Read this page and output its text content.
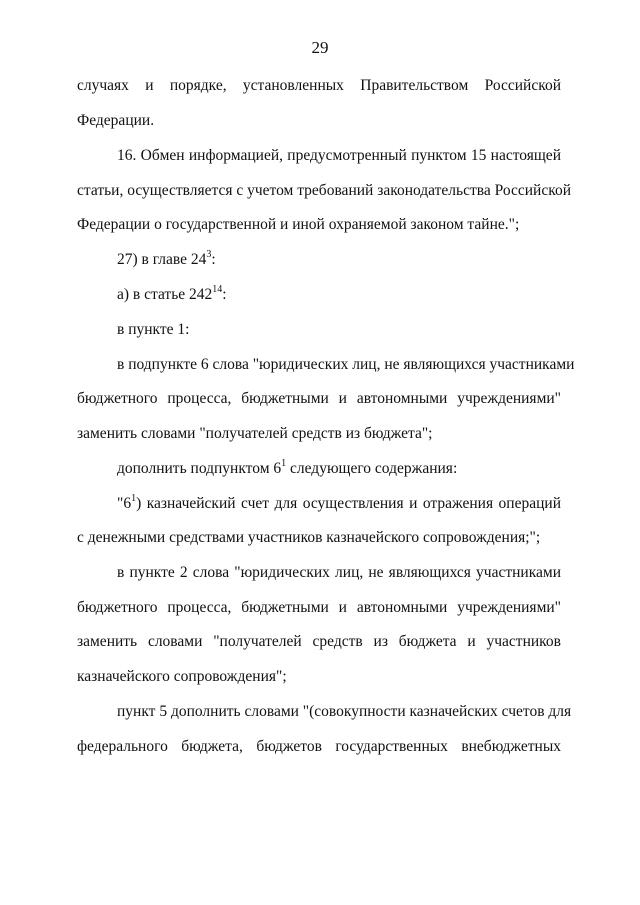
29
случаях и порядке, установленных Правительством Российской
Федерации.
16. Обмен информацией, предусмотренный пунктом 15 настоящей
статьи, осуществляется с учетом требований законодательства Российской
Федерации о государственной и иной охраняемой законом тайне.";
27) в главе $24^3$:
а) в статье $242^{14}$:
в пункте 1:
в подпункте 6 слова "юридических лиц, не являющихся участниками
бюджетного процесса, бюджетными и автономными учреждениями"
заменить словами "получателей средств из бюджета";
дополнить подпунктом $6^1$ следующего содержания:
"$6^1$) казначейский счет для осуществления и отражения операций
с денежными средствами участников казначейского сопровождения;";
в пункте 2 слова "юридических лиц, не являющихся участниками
бюджетного процесса, бюджетными и автономными учреждениями"
заменить словами "получателей средств из бюджета и участников
казначейского сопровождения";
пункт 5 дополнить словами "(совокупности казначейских счетов для
федерального бюджета, бюджетов государственных внебюджетных
